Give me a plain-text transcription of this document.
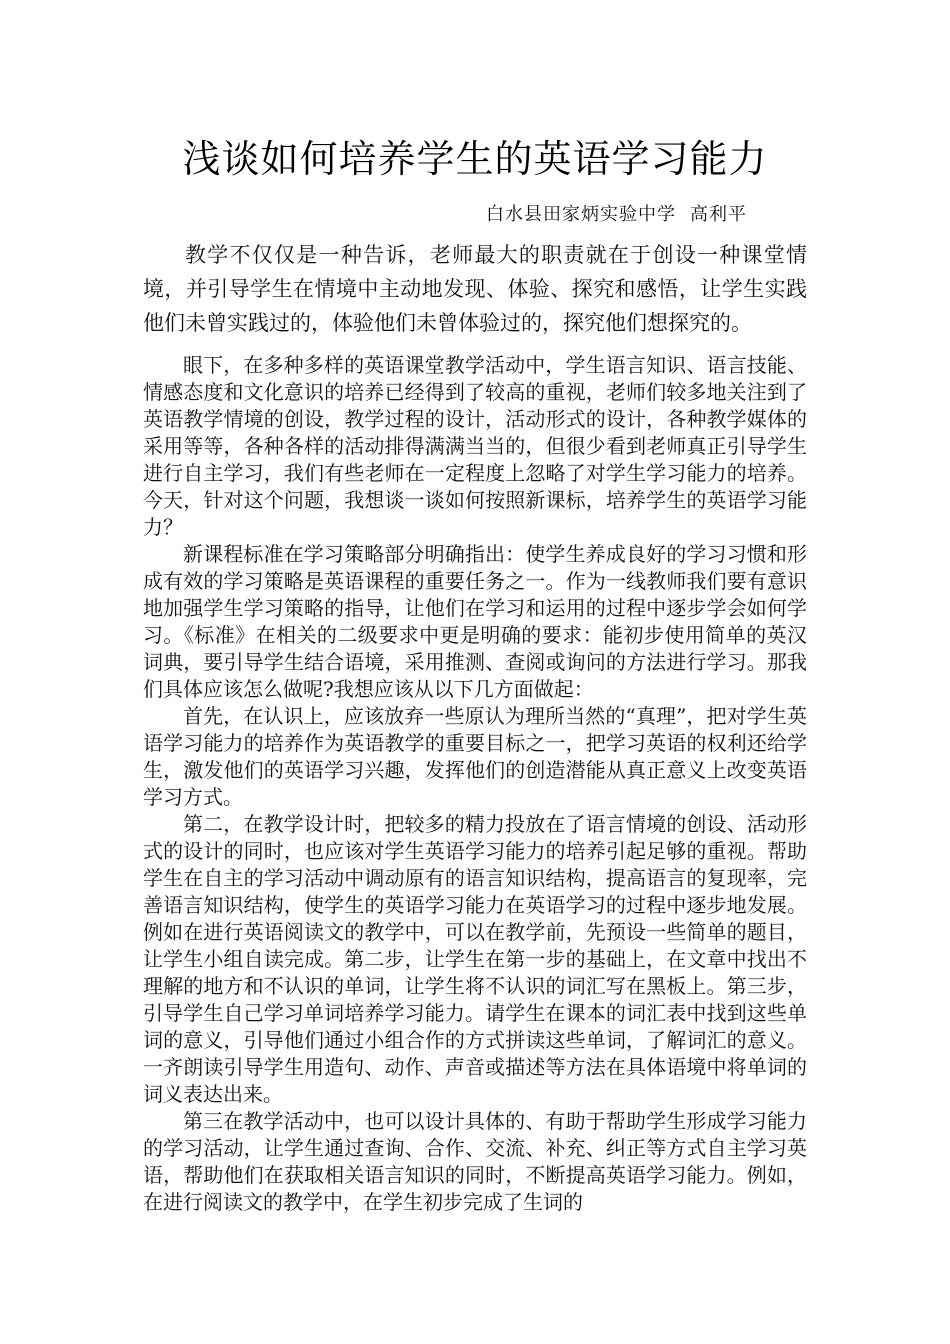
浅谈如何培养学生的英语学习能力
白水县田家炳实验中学 高利平

教学不仅仅是一种告诉，老师最大的职责就在于创设一种课堂情境，并引导学生在情境中主动地发现、体验、探究和感悟，让学生实践他们未曾实践过的，体验他们未曾体验过的，探究他们想探究的。

眼下，在多种多样的英语课堂教学活动中，学生语言知识、语言技能、情感态度和文化意识的培养已经得到了较高的重视，老师们较多地关注到了英语教学情境的创设，教学过程的设计，活动形式的设计，各种教学媒体的采用等等，各种各样的活动排得满满当当的，但很少看到老师真正引导学生进行自主学习，我们有些老师在一定程度上忽略了对学生学习能力的培养。今天，针对这个问题，我想谈一谈如何按照新课标，培养学生的英语学习能力？

新课程标准在学习策略部分明确指出：使学生养成良好的学习习惯和形成有效的学习策略是英语课程的重要任务之一。作为一线教师我们要有意识地加强学生学习策略的指导，让他们在学习和运用的过程中逐步学会如何学习。《标准》在相关的二级要求中更是明确的要求：能初步使用简单的英汉词典，要引导学生结合语境，采用推测、查阅或询问的方法进行学习。那我们具体应该怎么做呢?我想应该从以下几方面做起：

首先，在认识上，应该放弃一些原认为理所当然的“真理”，把对学生英语学习能力的培养作为英语教学的重要目标之一，把学习英语的权利还给学生，激发他们的英语学习兴趣，发挥他们的创造潜能从真正意义上改变英语学习方式。

第二，在教学设计时，把较多的精力投放在了语言情境的创设、活动形式的设计的同时，也应该对学生英语学习能力的培养引起足够的重视。帮助学生在自主的学习活动中调动原有的语言知识结构，提高语言的复现率，完善语言知识结构，使学生的英语学习能力在英语学习的过程中逐步地发展。例如在进行英语阅读文的教学中，可以在教学前，先预设一些简单的题目，让学生小组自读完成。第二步，让学生在第一步的基础上，在文章中找出不理解的地方和不认识的单词，让学生将不认识的词汇写在黑板上。第三步，引导学生自己学习单词培养学习能力。请学生在课本的词汇表中找到这些单词的意义，引导他们通过小组合作的方式拼读这些单词，了解词汇的意义。一齐朗读引导学生用造句、动作、声音或描述等方法在具体语境中将单词的词义表达出来。

第三在教学活动中，也可以设计具体的、有助于帮助学生形成学习能力的学习活动，让学生通过查询、合作、交流、补充、纠正等方式自主学习英语，帮助他们在获取相关语言知识的同时，不断提高英语学习能力。例如，在进行阅读文的教学中，在学生初步完成了生词的
